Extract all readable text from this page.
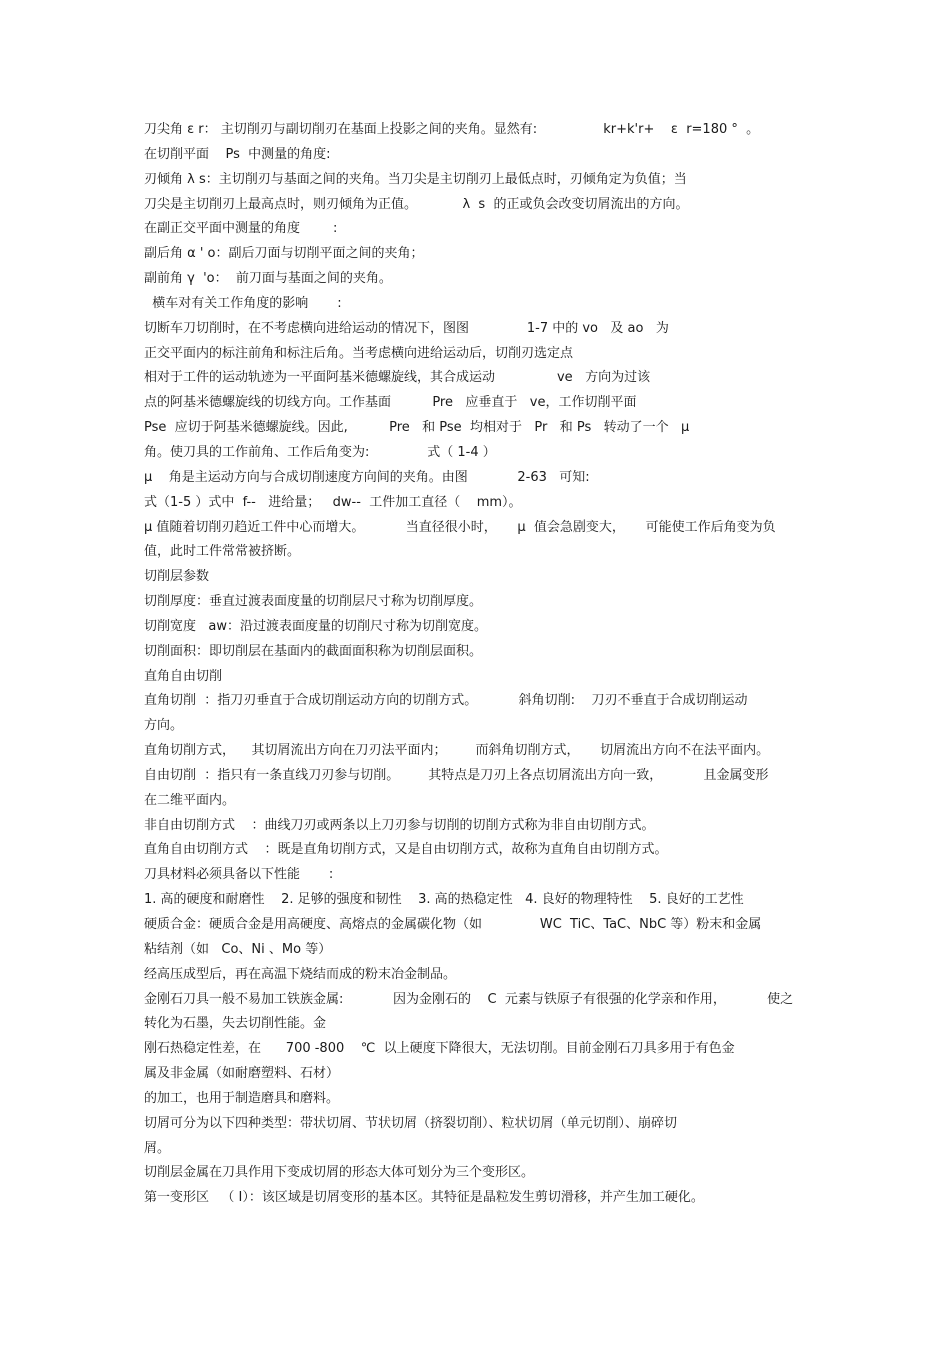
刀尖角 ε r： 主切削刃与副切削刃在基面上投影之间的夹角。显然有:                kr+k'r+    ε  r=180 °  。

在切削平面    Ps  中测量的角度:

刃倾角 λ s：主切削刃与基面之间的夹角。当刀尖是主切削刃上最低点时，刃倾角定为负值；当

刀尖是主切削刃上最高点时，则刃倾角为正值。           λ  s  的正或负会改变切屑流出的方向。

在副正交平面中测量的角度        :

副后角 α ' o：副后刀面与切削平面之间的夹角；

副前角 γ  'o：  前刀面与基面之间的夹角。

横车对有关工作角度的影响       :

切断车刀切削时，在不考虑横向进给运动的情况下，图图              1-7 中的 vo   及 ao   为

正交平面内的标注前角和标注后角。当考虑横向进给运动后，切削刃选定点

相对于工件的运动轨迹为一平面阿基米德螺旋线，其合成运动               ve   方向为过该

点的阿基米德螺旋线的切线方向。工作基面          Pre   应垂直于   ve，工作切削平面

Pse  应切于阿基米德螺旋线。因此,          Pre   和 Pse  均相对于   Pr   和 Ps   转动了一个   μ

角。使刀具的工作前角、工作后角变为:              式（ 1-4 ）

μ    角是主运动方向与合成切削速度方向间的夹角。由图            2-63   可知:

式（1-5 ）式中  f--   进给量；   dw--  工件加工直径（    mm）。

μ 值随着切削刃趋近工件中心而增大。          当直径很小时，     μ  值会急剧变大，     可能使工作后角变为负

值，此时工件常常被挤断。

切削层参数

切削厚度：垂直过渡表面度量的切削层尺寸称为切削厚度。

切削宽度   aw：沿过渡表面度量的切削尺寸称为切削宽度。

切削面积：即切削层在基面内的截面面积称为切削层面积。

直角自由切削

直角切削  ：指刀刃垂直于合成切削运动方向的切削方式。          斜角切削:    刀刃不垂直于合成切削运动

方向。

直角切削方式，    其切屑流出方向在刀刃法平面内；       而斜角切削方式，     切屑流出方向不在法平面内。

自由切削  ：指只有一条直线刀刃参与切削。       其特点是刀刃上各点切屑流出方向一致，          且金属变形

在二维平面内。

非自由切削方式    ：曲线刀刃或两条以上刀刃参与切削的切削方式称为非自由切削方式。

直角自由切削方式    ：既是直角切削方式，又是自由切削方式，故称为直角自由切削方式。

刀具材料必须具备以下性能       :

1. 高的硬度和耐磨性    2. 足够的强度和韧性    3. 高的热稳定性   4. 良好的物理特性    5. 良好的工艺性

硬质合金：硬质合金是用高硬度、高熔点的金属碳化物（如              WC  TiC、TaC、NbC 等）粉末和金属

粘结剂（如   Co、Ni 、Mo 等）

经高压成型后，再在高温下烧结而成的粉末冶金制品。

金刚石刀具一般不易加工铁族金属:            因为金刚石的    C  元素与铁原子有很强的化学亲和作用，          使之

转化为石墨，失去切削性能。金

刚石热稳定性差，在      700 -800    ℃  以上硬度下降很大，无法切削。目前金刚石刀具多用于有色金

属及非金属（如耐磨塑料、石材）

的加工，也用于制造磨具和磨料。

切屑可分为以下四种类型：带状切屑、节状切屑（挤裂切削）、粒状切屑（单元切削）、崩碎切

屑。

切削层金属在刀具作用下变成切屑的形态大体可划分为三个变形区。

第一变形区   （ Ⅰ）：该区域是切屑变形的基本区。其特征是晶粒发生剪切滑移，并产生加工硬化。
